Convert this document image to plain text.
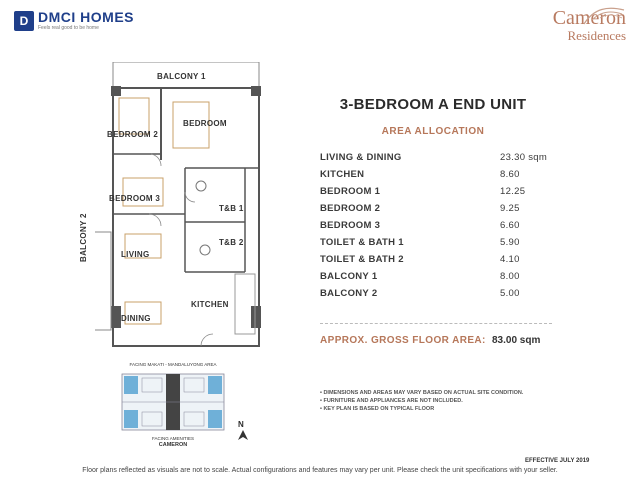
D DMCI HOMES
Feels real good to be home	Cameron
Residences
BALCONY 1
BEDROOM
BEDROOM 2
BEDROOM 3
T&B 1
T&B 2
LIVING
DINING
KITCHEN
BALCONY 2
FACING MAKATI - MANDALUYONG AREA
FACING AMENITIES
CAMERON
N
3-BEDROOM A END UNIT
AREA ALLOCATION
LIVING & DINING	23.30 sqm
KITCHEN	8.60
BEDROOM 1	12.25
BEDROOM 2	9.25
BEDROOM 3	6.60
TOILET & BATH 1	5.90
TOILET & BATH 2	4.10
BALCONY 1	8.00
BALCONY 2	5.00
APPROX. GROSS FLOOR AREA: 83.00 sqm
• DIMENSIONS AND AREAS MAY VARY BASED ON ACTUAL SITE CONDITION.
• FURNITURE AND APPLIANCES ARE NOT INCLUDED.
• KEY PLAN IS BASED ON TYPICAL FLOOR
EFFECTIVE JULY 2019
Floor plans reflected as visuals are not to scale. Actual configurations and features may vary per unit. Please check the unit specifications with your seller.
